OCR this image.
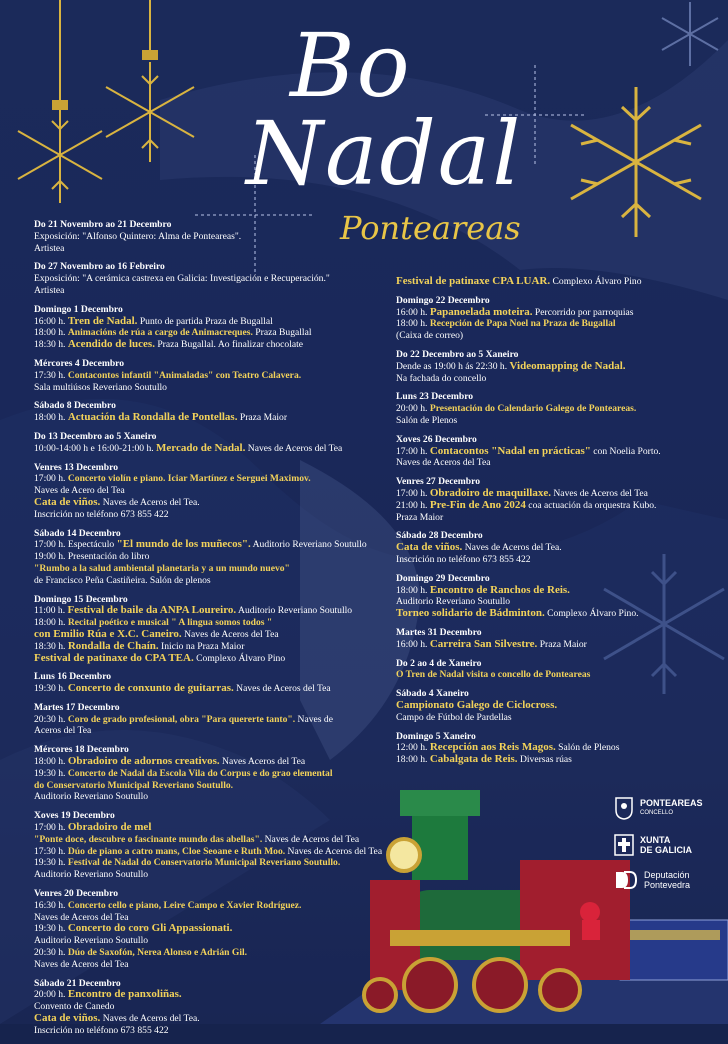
Bo
Nadal
Ponteareas
Do 21 Novembro ao 21 Decembro
Exposición: "Alfonso Quintero: Alma de Ponteareas".
Artistea
Do 27 Novembro ao 16 Febreiro
Exposición: "A cerámica castrexa en Galicia: Investigación e Recuperación."
Artistea
Domingo 1 Decembro
16:00 h. Tren de Nadal. Punto de partida Praza de Bugallal
18:00 h. Animacións de rúa a cargo de Animacreques. Praza Bugallal
18:30 h. Acendido de luces. Praza Bugallal. Ao finalizar chocolate
Mércores 4 Decembro
17:30 h. Contacontos infantil "Animaladas" con Teatro Calavera.
Sala multiúsos Reveriano Soutullo
Sábado 8 Decembro
18:00 h. Actuación da Rondalla de Pontellas. Praza Maior
Do 13 Decembro ao 5 Xaneiro
10:00-14:00 h e 16:00-21:00 h. Mercado de Nadal. Naves de Aceros del Tea
Venres 13 Decembro
17:00 h. Concerto violín e piano. Iciar Martínez e Serguei Maximov.
Naves de Acero del Tea
Cata de viños. Naves de Aceros del Tea.
Inscrición no teléfono 673 855 422
Sábado 14 Decembro
17:00 h. Espectáculo "El mundo de los muñecos". Auditorio Reveriano Soutullo
19:00 h. Presentación do libro
"Rumbo a la salud ambiental planetaria y a un mundo nuevo"
de Francisco Peña Castiñeira. Salón de plenos
Domingo 15 Decembro
11:00 h. Festival de baile da ANPA Loureiro. Auditorio Reveriano Soutullo
18:00 h. Recital poético e musical " A lingua somos todos "
con Emilio Rúa e X.C. Caneiro. Naves de Aceros del Tea
18:30 h. Rondalla de Chaín. Inicio na Praza Maior
Festival de patinaxe do CPA TEA. Complexo Álvaro Pino
Luns 16 Decembro
19:30 h. Concerto de conxunto de guitarras. Naves de Aceros del Tea
Martes 17 Decembro
20:30 h. Coro de grado profesional, obra "Para quererte tanto". Naves de
Aceros del Tea
Mércores 18 Decembro
18:00 h. Obradoiro de adornos creativos. Naves Aceros del Tea
19:30 h. Concerto de Nadal da Escola Vila do Corpus e do grao elemental
do Conservatorio Municipal Reveriano Soutullo.
Auditorio Reveriano Soutullo
Xoves 19 Decembro
17:00 h. Obradoiro de mel
"Ponte doce, descubre o fascinante mundo das abellas". Naves de Aceros del Tea
17:30 h. Dúo de piano a catro mans, Cloe Seoane e Ruth Moo. Naves de Aceros del Tea
19:30 h. Festival de Nadal do Conservatorio Municipal Reveriano Soutullo.
Auditorio Reveriano Soutullo
Venres 20 Decembro
16:30 h. Concerto cello e piano, Leire Campo e Xavier Rodríguez.
Naves de Aceros del Tea
19:30 h. Concerto do coro Gli Appassionati.
Auditorio Reveriano Soutullo
20:30 h. Dúo de Saxofón, Nerea Alonso e Adrián Gil.
Naves de Aceros del Tea
Sábado 21 Decembro
20:00 h. Encontro de panxoliñas.
Convento de Canedo
Cata de viños. Naves de Aceros del Tea.
Inscrición no teléfono 673 855 422
Festival de patinaxe CPA LUAR. Complexo Álvaro Pino
Domingo 22 Decembro
16:00 h. Papanoelada moteira. Percorrido por parroquias
18:00 h. Recepción de Papa Noel na Praza de Bugallal
(Caixa de correo)
Do 22 Decembro ao 5 Xaneiro
Dende as 19:00 h ás 22:30 h. Videomapping de Nadal.
Na fachada do concello
Luns 23 Decembro
20:00 h. Presentación do Calendario Galego de Ponteareas.
Salón de Plenos
Xoves 26 Decembro
17:00 h. Contacontos "Nadal en prácticas" con Noelia Porto.
Naves de Aceros del Tea
Venres 27 Decembro
17:00 h. Obradoiro de maquillaxe. Naves de Aceros del Tea
21:00 h. Pre-Fin de Ano 2024 coa actuación da orquestra Kubo.
Praza Maior
Sábado 28 Decembro
Cata de viños. Naves de Aceros del Tea.
Inscrición no teléfono 673 855 422
Domingo 29 Decembro
18:00 h. Encontro de Ranchos de Reis.
Auditorio Reveriano Soutullo
Torneo solidario de Bádminton. Complexo Álvaro Pino.
Martes 31 Decembro
16:00 h. Carreira San Silvestre. Praza Maior
Do 2 ao 4 de Xaneiro
O Tren de Nadal visita o concello de Ponteareas
Sábado 4 Xaneiro
Campionato Galego de Ciclocross.
Campo de Fútbol de Pardellas
Domingo 5 Xaneiro
12:00 h. Recepción aos Reis Magos. Salón de Plenos
18:00 h. Cabalgata de Reis. Diversas rúas
PONTEAREAS
CONCELLO
XUNTA
DE GALICIA
Deputación
Pontevedra
